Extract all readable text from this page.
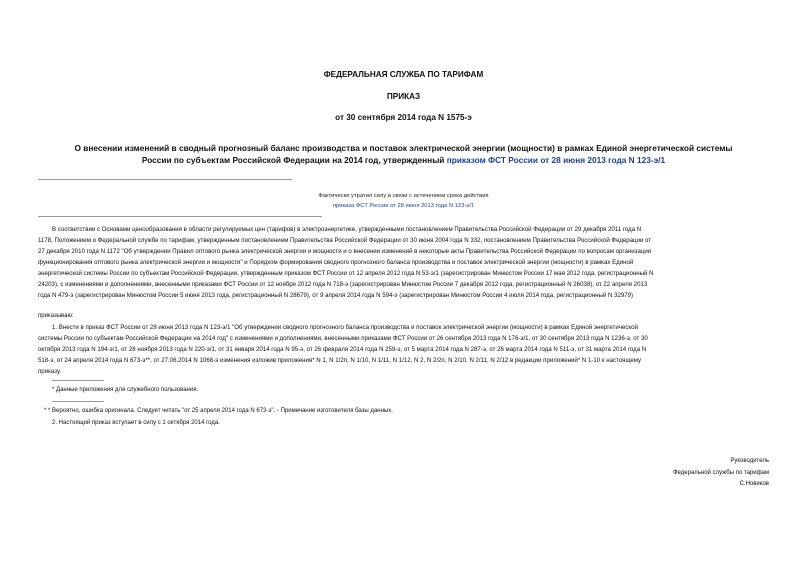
ФЕДЕРАЛЬНАЯ СЛУЖБА ПО ТАРИФАМ
ПРИКАЗ
от 30 сентября 2014 года N 1575-э
О внесении изменений в сводный прогнозный баланс производства и поставок электрической энергии (мощности) в рамках Единой энергетической системы
России по субъектам Российской Федерации на 2014 год, утвержденный приказом ФСТ России от 28 июня 2013 года N 123-э/1
Фактически утратил силу в связи с истечением срока действия
приказа ФСТ России от 28 июня 2013 года N 123-э/1
В соответствии с Основами ценообразования в области регулируемых цен (тарифов) в электроэнергетике, утвержденными постановлением Правительства Российской Федерации от 29 декабря 2011 года N
1178, Положением о Федеральной службе по тарифам, утвержденным постановлением Правительства Российской Федерации от 30 июня 2004 года N 332, постановлением Правительства Российской Федерации от
27 декабря 2010 года N 1172 "Об утверждении Правил оптового рынка электрической энергии и мощности и о внесении изменений в некоторые акты Правительства Российской Федерации по вопросам организации
функционирования оптового рынка электрической энергии и мощности" и Порядком формирования сводного прогнозного баланса производства и поставок электрической энергии (мощности) в рамках Единой
энергетической системы России по субъектам Российской Федерации, утвержденным приказом ФСТ России от 12 апреля 2012 года N 53-э/1 (зарегистрирован Минюстом России 17 мая 2012 года, регистрационный N
24203), с изменениями и дополнениями, внесенными приказами ФСТ России от 12 ноября 2012 года N 718-э (зарегистрирован Минюстом России 7 декабря 2012 года, регистрационный N 26038), от 22 апреля 2013
года N 479-э (зарегистрирован Минюстом России 5 июня 2013 года, регистрационный N 28679), от 9 апреля 2014 года N 594-э (зарегистрирован Минюстом России 4 июля 2014 года, регистрационный N 32979)
приказываю:
1. Внести в приказ ФСТ России от 28 июня 2013 года N 123-э/1 "Об утверждении сводного прогнозного баланса производства и поставок электрической энергии (мощности) в рамках Единой энергетической
системы России по субъектам Российской Федерации на 2014 год" с изменениями и дополнениями, внесенными приказами ФСТ России от 26 сентября 2013 года N 176-э/1, от 30 сентября 2013 года N 1236-э, от 30
октября 2013 года N 194-э/1, от 28 ноября 2013 года N 220-э/1, от 31 января 2014 года N 95-э, от 26 февраля 2014 года N 259-э, от 5 марта 2014 года N 287-э, от 26 марта 2014 года N 511-э, от 31 марта 2014 года N
518-э, от 24 апреля 2014 года N 673-э**, от 27.06.2014 N 1068-э изменения изложив приложения* N 1, N 1/2п, N 1/10, N 1/11, N 1/12, N 2, N 2/2п, N 2/10, N 2/11, N 2/12 в редакции приложений* N 1-10 к настоящему
приказу.
* Данные приложения для служебного пользования.
* * Вероятно, ошибка оригинала. Следует читать "от 25 апреля 2014 года N 673-э". - Примечание изготовителя базы данных.
2. Настоящий приказ вступает в силу с 1 октября 2014 года.
Руководитель
Федеральной службы по тарифам
С.Новиков
